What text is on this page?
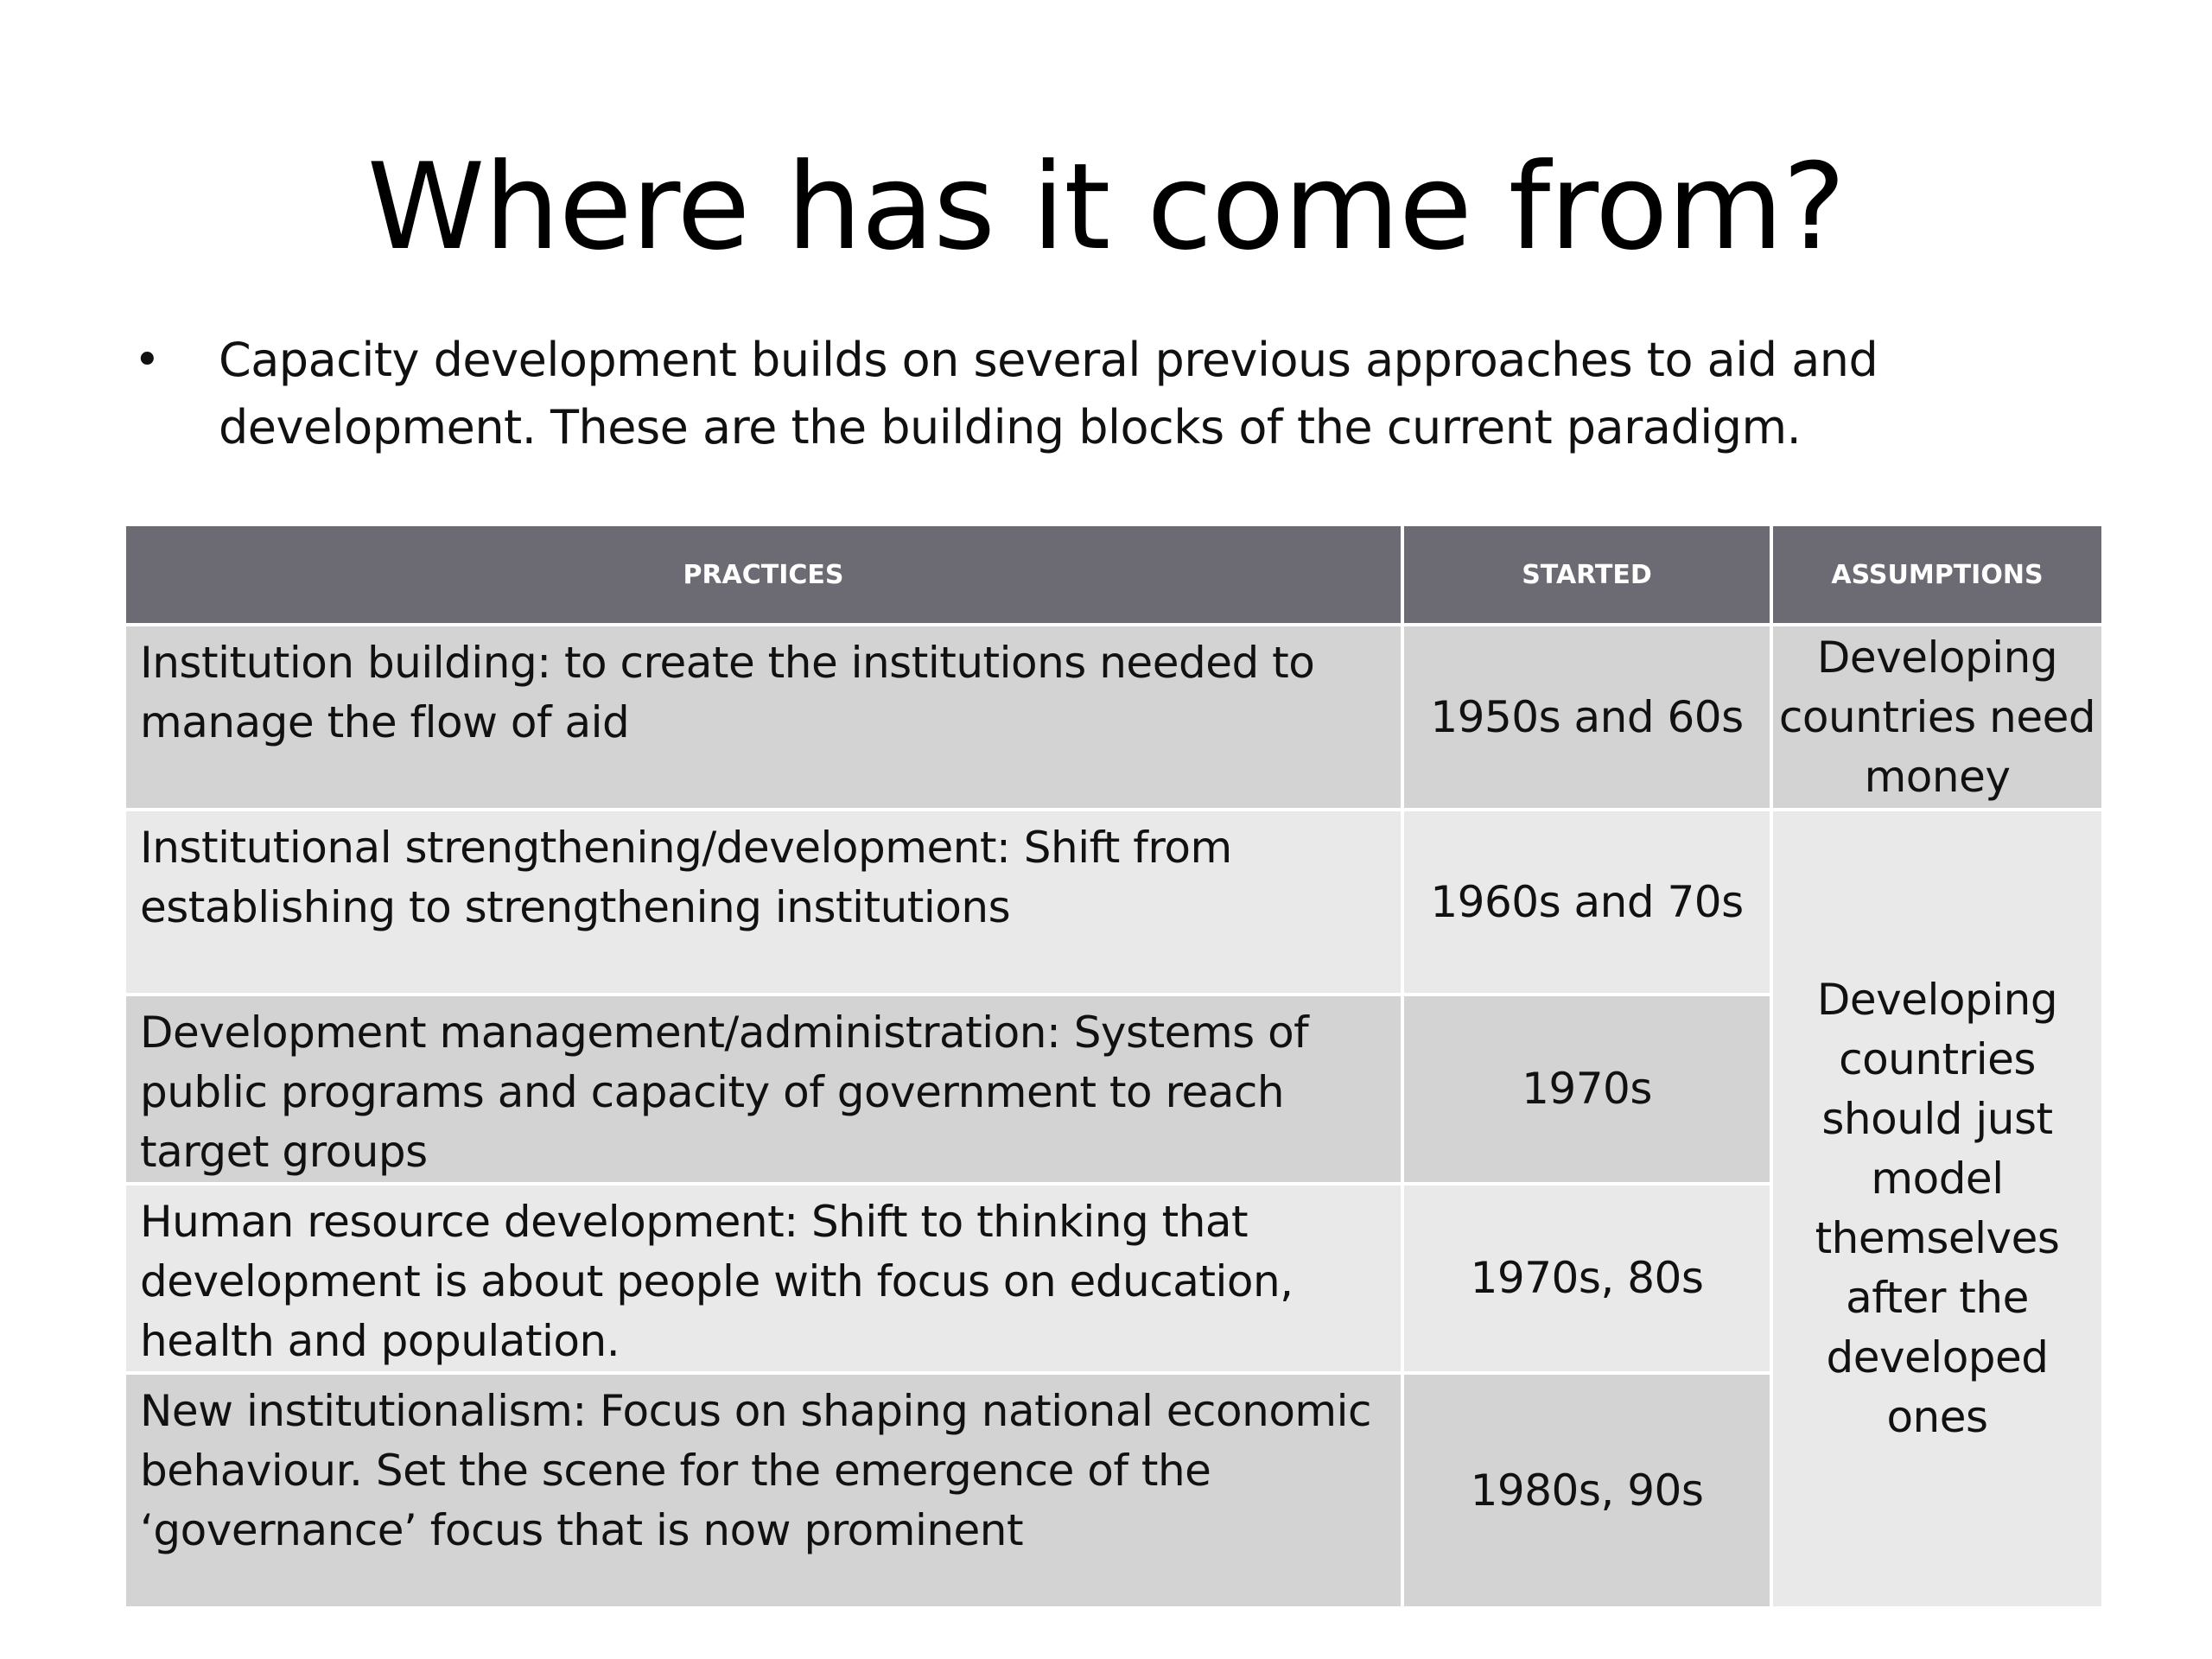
Where has it come from?
• Capacity development builds on several previous approaches to aid and development. These are the building blocks of the current paradigm.
PRACTICES	STARTED	ASSUMPTIONS
Institution building: to create the institutions needed to manage the flow of aid	1950s and 60s	Developing countries need money
Institutional strengthening/development: Shift from establishing to strengthening institutions	1960s and 70s	Developing countries should just model themselves after the developed ones
Development management/administration: Systems of public programs and capacity of government to reach target groups	1970s	
Human resource development: Shift to thinking that development is about people with focus on education, health and population.	1970s, 80s	
New institutionalism: Focus on shaping national economic behaviour. Set the scene for the emergence of the ‘governance’ focus that is now prominent	1980s, 90s	
